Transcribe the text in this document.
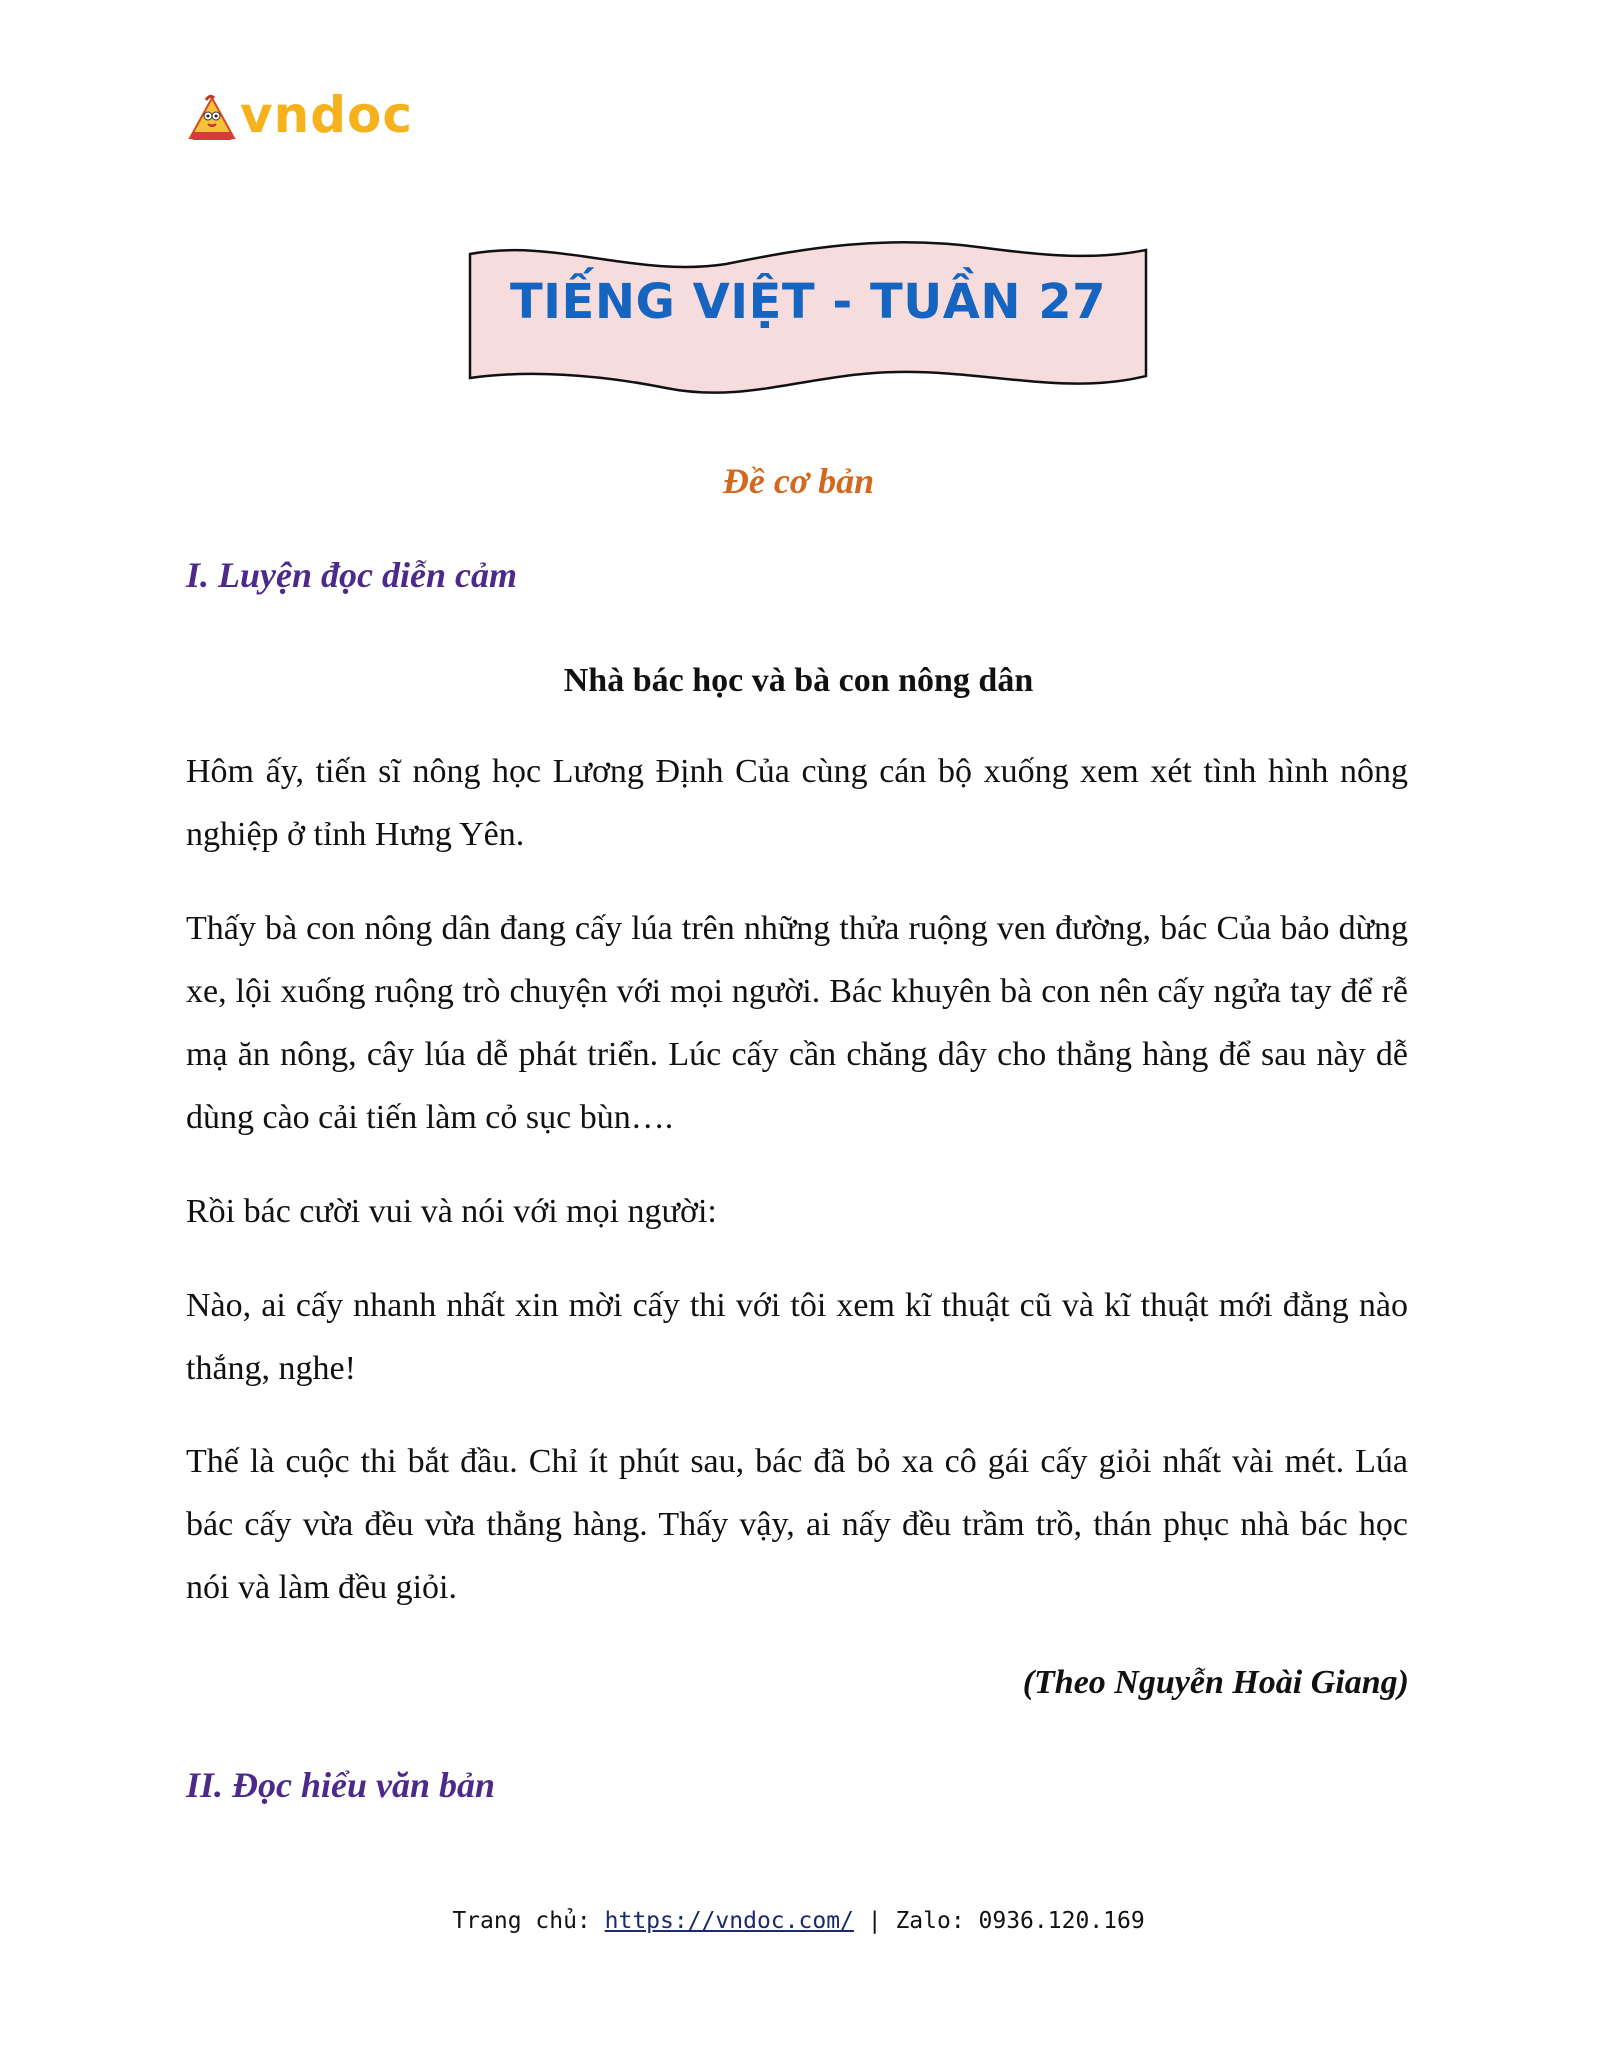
vndoc
TIẾNG VIỆT - TUẦN 27
Đề cơ bản
I. Luyện đọc diễn cảm
Nhà bác học và bà con nông dân
Hôm ấy, tiến sĩ nông học Lương Định Của cùng cán bộ xuống xem xét tình hình nông nghiệp ở tỉnh Hưng Yên.
Thấy bà con nông dân đang cấy lúa trên những thửa ruộng ven đường, bác Của bảo dừng xe, lội xuống ruộng trò chuyện với mọi người. Bác khuyên bà con nên cấy ngửa tay để rễ mạ ăn nông, cây lúa dễ phát triển. Lúc cấy cần chăng dây cho thẳng hàng để sau này dễ dùng cào cải tiến làm cỏ sục bùn….
Rồi bác cười vui và nói với mọi người:
Nào, ai cấy nhanh nhất xin mời cấy thi với tôi xem kĩ thuật cũ và kĩ thuật mới đằng nào thắng, nghe!
Thế là cuộc thi bắt đầu. Chỉ ít phút sau, bác đã bỏ xa cô gái cấy giỏi nhất vài mét. Lúa bác cấy vừa đều vừa thẳng hàng. Thấy vậy, ai nấy đều trầm trồ, thán phục nhà bác học nói và làm đều giỏi.
(Theo Nguyễn Hoài Giang)
II. Đọc hiểu văn bản
Trang chủ: https://vndoc.com/ | Zalo: 0936.120.169
